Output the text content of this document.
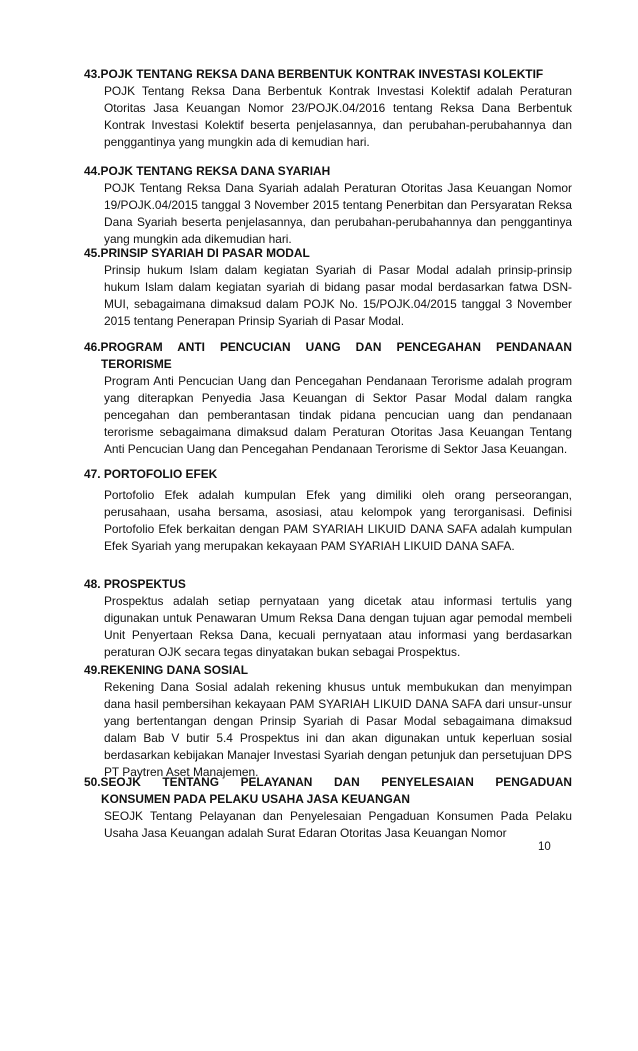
43.POJK TENTANG REKSA DANA BERBENTUK KONTRAK INVESTASI KOLEKTIF
POJK Tentang Reksa Dana Berbentuk Kontrak Investasi Kolektif adalah Peraturan Otoritas Jasa Keuangan Nomor 23/POJK.04/2016 tentang Reksa Dana Berbentuk Kontrak Investasi Kolektif beserta penjelasannya, dan perubahan-perubahannya dan penggantinya yang mungkin ada di kemudian hari.
44.POJK TENTANG REKSA DANA SYARIAH
POJK Tentang Reksa Dana Syariah adalah Peraturan Otoritas Jasa Keuangan Nomor 19/POJK.04/2015 tanggal 3 November 2015 tentang Penerbitan dan Persyaratan Reksa Dana Syariah beserta penjelasannya, dan perubahan-perubahannya dan penggantinya yang mungkin ada dikemudian hari.
45.PRINSIP SYARIAH DI PASAR MODAL
Prinsip hukum Islam dalam kegiatan Syariah di Pasar Modal adalah prinsip-prinsip hukum Islam dalam kegiatan syariah di bidang pasar modal berdasarkan fatwa DSN-MUI, sebagaimana dimaksud dalam POJK No. 15/POJK.04/2015 tanggal 3 November 2015 tentang Penerapan Prinsip Syariah di Pasar Modal.
46.PROGRAM ANTI PENCUCIAN UANG DAN PENCEGAHAN PENDANAAN
TERORISME
Program Anti Pencucian Uang dan Pencegahan Pendanaan Terorisme adalah program yang diterapkan Penyedia Jasa Keuangan di Sektor Pasar Modal dalam rangka pencegahan dan pemberantasan tindak pidana pencucian uang dan pendanaan terorisme sebagaimana dimaksud dalam Peraturan Otoritas Jasa Keuangan Tentang Anti Pencucian Uang dan Pencegahan Pendanaan Terorisme di Sektor Jasa Keuangan.
47. PORTOFOLIO EFEK
Portofolio Efek adalah kumpulan Efek yang dimiliki oleh orang perseorangan, perusahaan, usaha bersama, asosiasi, atau kelompok yang terorganisasi. Definisi Portofolio Efek berkaitan dengan PAM SYARIAH LIKUID DANA SAFA adalah kumpulan Efek Syariah yang merupakan kekayaan PAM SYARIAH LIKUID DANA SAFA.
48. PROSPEKTUS
Prospektus adalah setiap pernyataan yang dicetak atau informasi tertulis yang digunakan untuk Penawaran Umum Reksa Dana dengan tujuan agar pemodal membeli Unit Penyertaan Reksa Dana, kecuali pernyataan atau informasi yang berdasarkan peraturan OJK secara tegas dinyatakan bukan sebagai Prospektus.
49.REKENING DANA SOSIAL
Rekening Dana Sosial adalah rekening khusus untuk membukukan dan menyimpan dana hasil pembersihan kekayaan PAM SYARIAH LIKUID DANA SAFA dari unsur-unsur yang bertentangan dengan Prinsip Syariah di Pasar Modal sebagaimana dimaksud dalam Bab V butir 5.4 Prospektus ini dan akan digunakan untuk keperluan sosial berdasarkan kebijakan Manajer Investasi Syariah dengan petunjuk dan persetujuan DPS PT Paytren Aset Manajemen.
50.SEOJK TENTANG PELAYANAN DAN PENYELESAIAN PENGADUAN
KONSUMEN PADA PELAKU USAHA JASA KEUANGAN
SEOJK Tentang Pelayanan dan Penyelesaian Pengaduan Konsumen Pada Pelaku Usaha Jasa Keuangan adalah Surat Edaran Otoritas Jasa Keuangan Nomor
10
